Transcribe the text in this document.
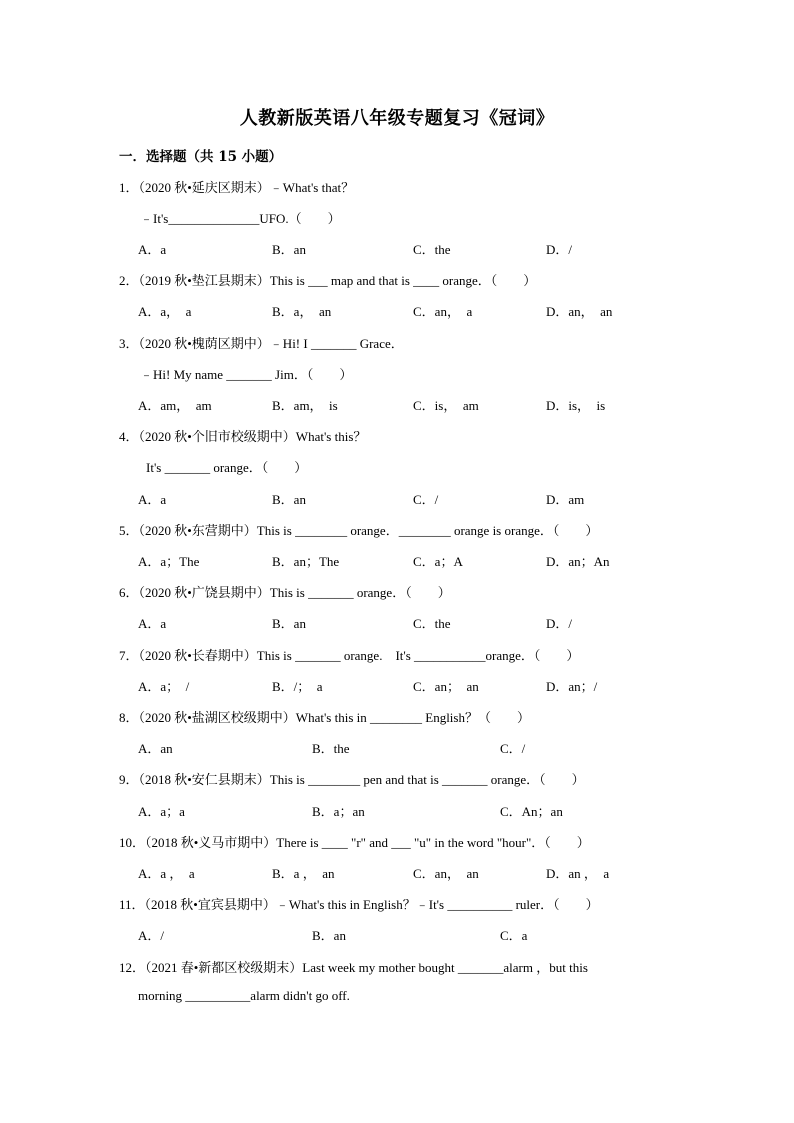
人教新版英语八年级专题复习《冠词》
一．选择题（共 15 小题）
1．（2020 秋•延庆区期末）﹣What's that？
﹣It's______________UFO.（　　）
A．a	B．an	C．the	D．/
2．（2019 秋•垫江县期末）This is ___ map and that is ____ orange．（　　）
A．a，　a	B．a，　an	C．an，　a	D．an，　an
3．（2020 秋•槐荫区期中）﹣Hi! I _______ Grace．
﹣Hi! My name _______ Jim．（　　）
A．am，　am	B．am，　is	C．is，　am	D．is，　is
4．（2020 秋•个旧市校级期中）What's this？
It's _______ orange．（　　）
A．a	B．an	C．/	D．am
5．（2020 秋•东营期中）This is ________ orange．________ orange is orange．（　　）
A．a；The	B．an；The	C．a；A	D．an；An
6．（2020 秋•广饶县期中）This is _______ orange．（　　）
A．a	B．an	C．the	D．/
7．（2020 秋•长春期中）This is _______ orange.　It's ___________orange．（　　）
A．a；　/	B．/；　a	C．an；　an	D．an；/
8．（2020 秋•盐湖区校级期中）What's this in ________ English？（　　）
A．an	B．the	C．/
9．（2018 秋•安仁县期末）This is ________ pen and that is _______ orange．（　　）
A．a；a	B．a；an	C．An；an
10．（2018 秋•义马市期中）There is ____ "r" and ___ "u" in the word "hour"．（　　）
A．a ，　a	B．a ，　an	C．an，　an	D．an ，　a
11．（2018 秋•宜宾县期中）﹣What's this in English？﹣It's __________ ruler．（　　）
A．/	B．an	C．a
12．（2021 春•新都区校级期末）Last week my mother bought _______alarm ，but this
morning __________alarm didn't go off.
